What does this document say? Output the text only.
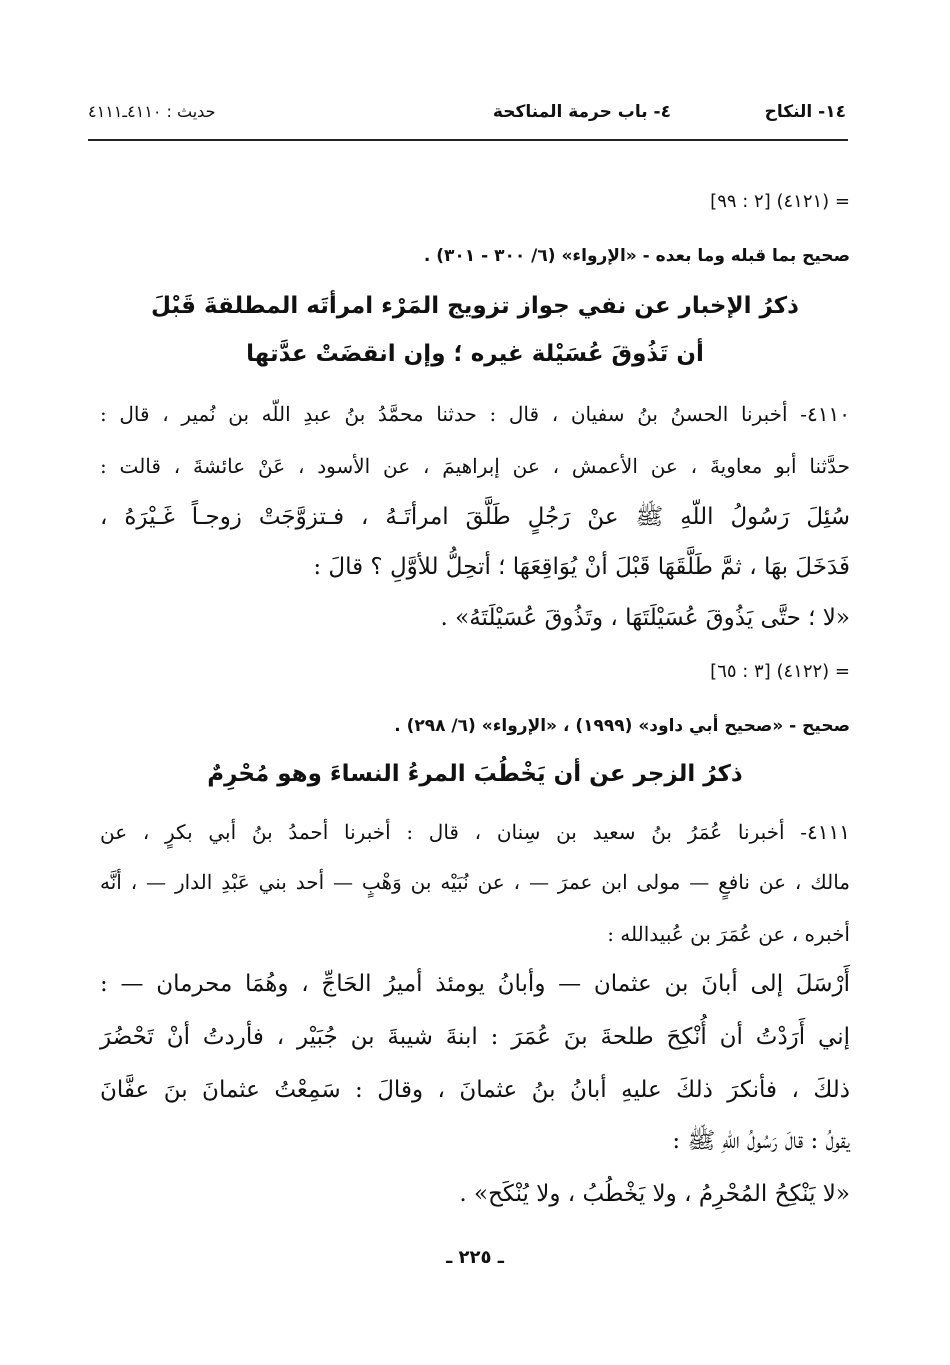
١٤- النكاح
٤- باب حرمة المناكحة
حديث : ٤١١٠ـ٤١١١
= (٤١٢١) [٢ : ٩٩]
صحيح بما قبله وما بعده - «الإرواء» (٦/ ٣٠٠ - ٣٠١) .
ذكرُ الإخبار عن نفي جواز تزويج المَرْء امرأتَه المطلقةَ قَبْلَ
أن تَذُوقَ عُسَيْلة غيره ؛ وإن انقضَتْ عدَّتها
٤١١٠- أخبرنا الحسنُ بنُ سفيان ، قال : حدثنا محمَّدُ بنُ عبدِ اللّه بن نُمير ، قال :
حدَّثنا أبو معاويةَ ، عن الأعمش ، عن إبراهيمَ ، عن الأسود ، عَنْ عائشةَ ، قالت :
سُئِلَ رَسُولُ اللّهِ ﷺ عنْ رَجُلٍ طَلَّقَ امرأتَـهُ ، فـتزوَّجَتْ زوجـاً غَـيْرَهُ ،
فَدَخَلَ بهَا ، ثمَّ طَلَّقَهَا قَبْلَ أنْ يُوَاقِعَهَا ؛ أتحِلُّ للأوَّلِ ؟ قالَ :
«لا ؛ حتَّى يَذُوقَ عُسَيْلَتَهَا ، وتَذُوقَ عُسَيْلَتَهُ» .
= (٤١٢٢) [٣ : ٦٥]
صحيح - «صحيح أبي داود» (١٩٩٩) ، «الإرواء» (٦/ ٢٩٨) .
ذكرُ الزجر عن أن يَخْطُبَ المرءُ النساءَ وهو مُحْرِمٌ
٤١١١- أخبرنا عُمَرُ بنُ سعيد بن سِنان ، قال : أخبرنا أحمدُ بنُ أبي بكرٍ ، عن
مالك ، عن نافعٍ — مولى ابن عمرَ — ، عن نُبَيْه بن وَهْبٍ — أحد بني عَبْدِ الدار — ، أنَّه
أخبره ، عن عُمَرَ بن عُبيدالله :
أَرْسَلَ إلى أبانَ بن عثمان — وأبانُ يومئذ أميرُ الحَاجِّ ، وهُمَا محرمان — :
إني أَرَدْتُ أن أُنْكِحَ طلحةَ بنَ عُمَرَ : ابنةَ شيبةَ بن جُبَيْر ، فأردتُ أنْ تَحْضُرَ
ذلكَ ، فأنكرَ ذلكَ عليهِ أبانُ بنُ عثمانَ ، وقالَ : سَمِعْتُ عثمانَ بنَ عفَّانَ
يقولُ : قالَ رَسُولُ اللّهِ ﷺ :
«لا يَنْكِحُ المُحْرِمُ ، ولا يَخْطُبُ ، ولا يُنْكَح» .
ـ ٢٢٥ ـ
